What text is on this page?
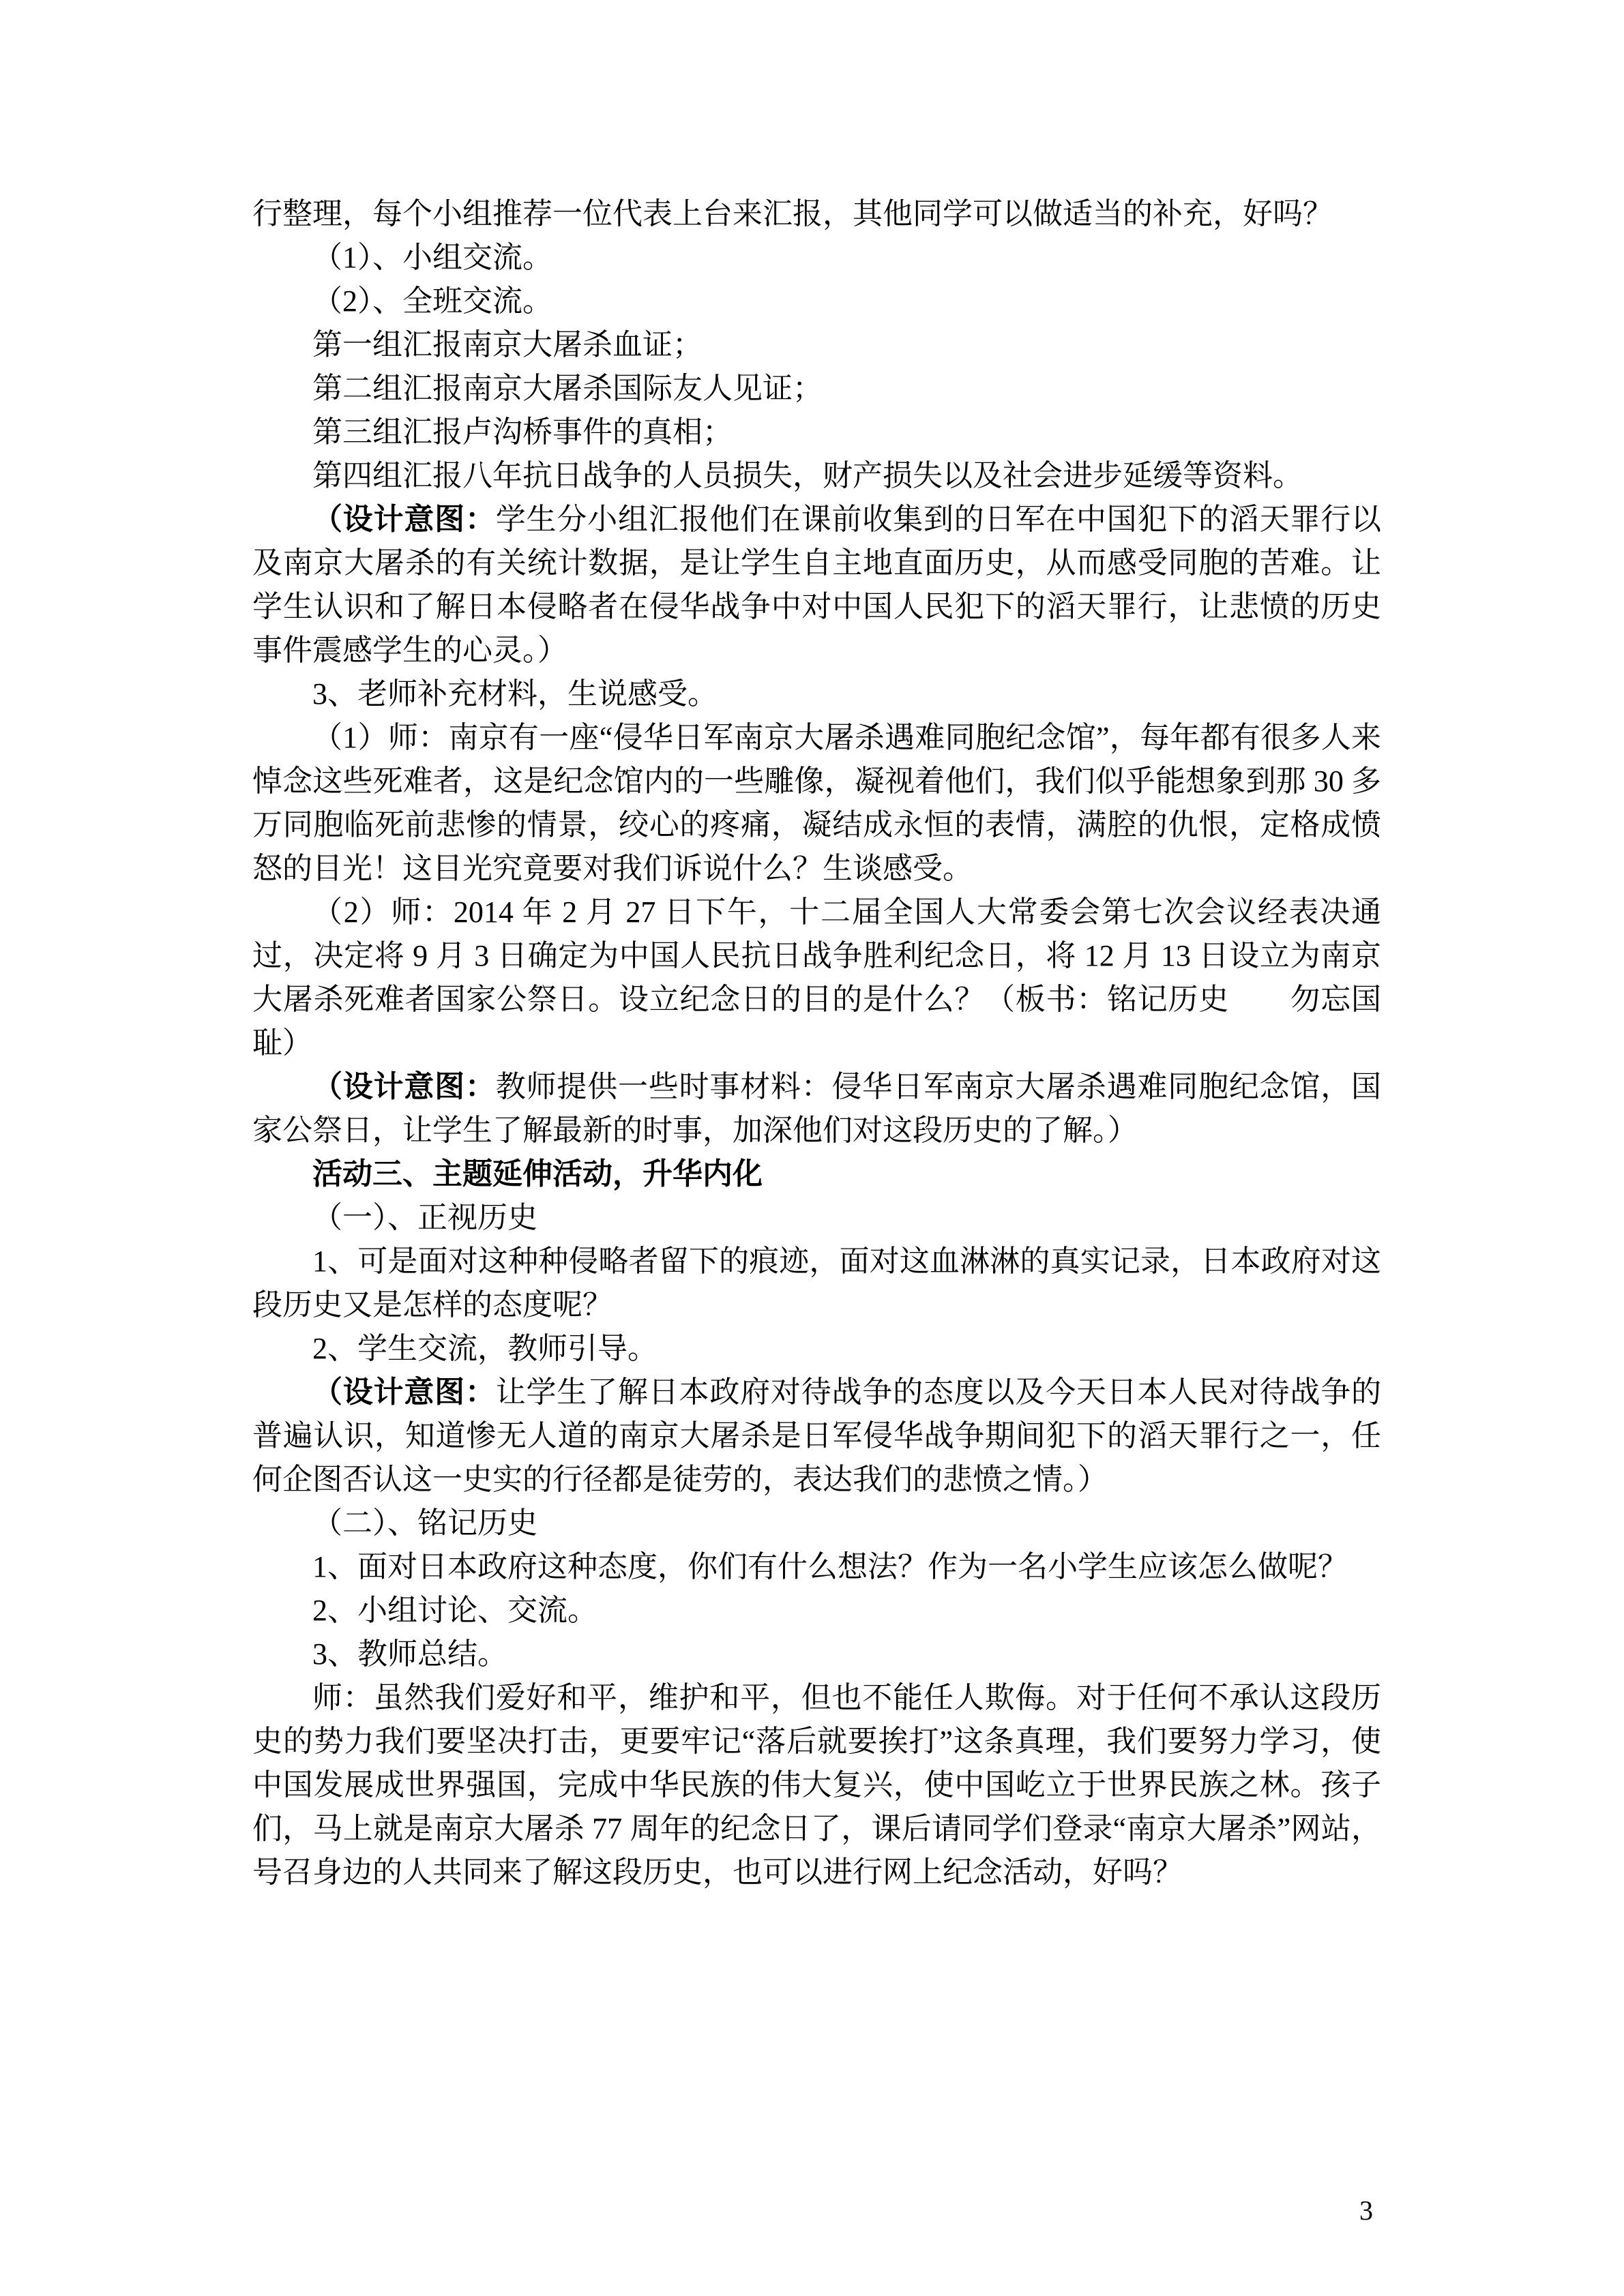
行整理，每个小组推荐一位代表上台来汇报，其他同学可以做适当的补充，好吗？

（1）、小组交流。

（2）、全班交流。

第一组汇报南京大屠杀血证；

第二组汇报南京大屠杀国际友人见证；

第三组汇报卢沟桥事件的真相；

第四组汇报八年抗日战争的人员损失，财产损失以及社会进步延缓等资料。

（设计意图：学生分小组汇报他们在课前收集到的日军在中国犯下的滔天罪行以及南京大屠杀的有关统计数据，是让学生自主地直面历史，从而感受同胞的苦难。让学生认识和了解日本侵略者在侵华战争中对中国人民犯下的滔天罪行，让悲愤的历史事件震感学生的心灵。）

3、老师补充材料，生说感受。

（1）师：南京有一座“侵华日军南京大屠杀遇难同胞纪念馆”，每年都有很多人来悼念这些死难者，这是纪念馆内的一些雕像，凝视着他们，我们似乎能想象到那 30 多万同胞临死前悲惨的情景，绞心的疼痛，凝结成永恒的表情，满腔的仇恨，定格成愤怒的目光！这目光究竟要对我们诉说什么？生谈感受。

（2）师：2014 年 2 月 27 日下午，十二届全国人大常委会第七次会议经表决通过，决定将 9 月 3 日确定为中国人民抗日战争胜利纪念日，将 12 月 13 日设立为南京大屠杀死难者国家公祭日。设立纪念日的目的是什么？（板书：铭记历史　　勿忘国耻）

（设计意图：教师提供一些时事材料：侵华日军南京大屠杀遇难同胞纪念馆，国家公祭日，让学生了解最新的时事，加深他们对这段历史的了解。）

活动三、主题延伸活动，升华内化

（一）、正视历史

1、可是面对这种种侵略者留下的痕迹，面对这血淋淋的真实记录，日本政府对这段历史又是怎样的态度呢？

2、学生交流，教师引导。

（设计意图：让学生了解日本政府对待战争的态度以及今天日本人民对待战争的普遍认识，知道惨无人道的南京大屠杀是日军侵华战争期间犯下的滔天罪行之一，任何企图否认这一史实的行径都是徒劳的，表达我们的悲愤之情。）

（二）、铭记历史

1、面对日本政府这种态度，你们有什么想法？作为一名小学生应该怎么做呢？

2、小组讨论、交流。

3、教师总结。

师：虽然我们爱好和平，维护和平，但也不能任人欺侮。对于任何不承认这段历史的势力我们要坚决打击，更要牢记“落后就要挨打”这条真理，我们要努力学习，使中国发展成世界强国，完成中华民族的伟大复兴，使中国屹立于世界民族之林。孩子们，马上就是南京大屠杀 77 周年的纪念日了，课后请同学们登录“南京大屠杀”网站，号召身边的人共同来了解这段历史，也可以进行网上纪念活动，好吗？

3
